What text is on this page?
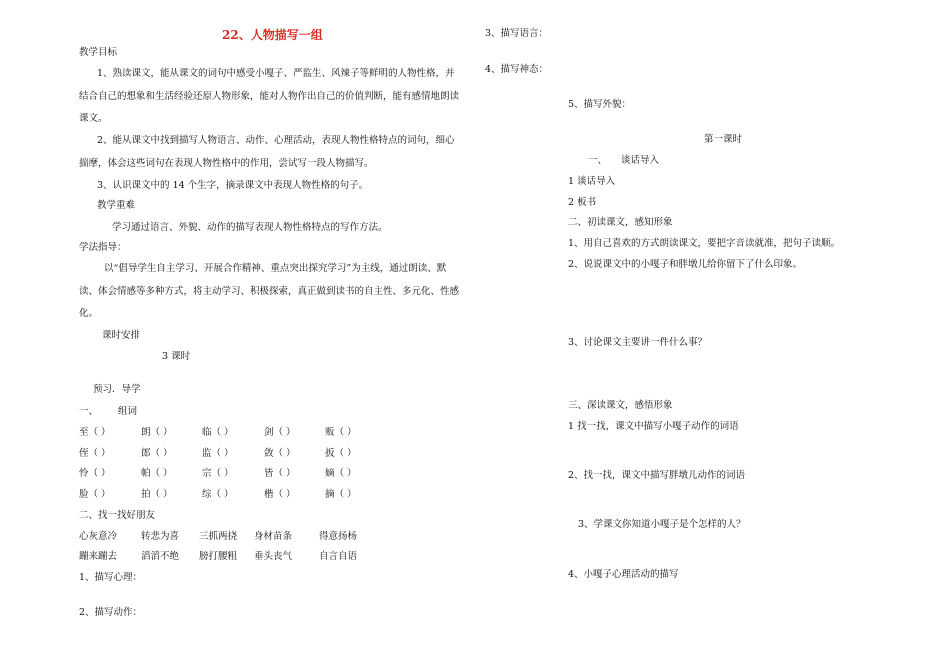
22、人物描写一组
教学目标
1、熟读课文，能从课文的词句中感受小嘎子、严监生、风辣子等鲜明的人物性格，并
结合自己的想象和生活经验还原人物形象，能对人物作出自己的价值判断，能有感情地朗读
课文。
2、能从课文中找到描写人物语言、动作、心理活动，表现人物性格特点的词句，细心
揣摩，体会这些词句在表现人物性格中的作用，尝试写一段人物描写。
3、认识课文中的 14 个生字，摘录课文中表现人物性格的句子。
教学重难
学习通过语言、外貌、动作的描写表现人物性格特点的写作方法。
学法指导：
以“倡导学生自主学习、开展合作精神、重点突出探究学习”为主线，通过朗读、默
读、体会情感等多种方式，将主动学习、积极探索，真正做到读书的自主性、多元化、性感
化。
课时安排
3 课时
预习．导学
一、 组词
至（ ）	朗（ ）	临（ ）	剑（ ）	贩（ ）
侄（ ）	郎（ ）	监（ ）	敛（ ）	扳（ ）
怜（ ）	帕（ ）	宗（ ）	皆（ ）	嫡（ ）
脸（ ）	拍（ ）	综（ ）	楷（ ）	摘（ ）
二、找一找好朋友
心灰意冷	转悲为喜 三抓两挠 身材苗条	得意扬杨
蹦来蹦去	滔滔不绝 膀打腰粗 垂头丧气	自言自语
1、描写心理：
2、描写动作：
3、描写语言：
4、描写神态：
5、描写外貌：
第一课时
一、 谈话导入
1 谈话导入
2 板书
二、初读课文，感知形象
1、用自己喜欢的方式朗读课文，要把字音读就准，把句子读顺。
2、说说课文中的小嘎子和胖墩儿给你留下了什么印象。
3、讨论课文主要讲一件什么事？
三、深读课文，感悟形象
1 找一找，课文中描写小嘎子动作的词语
2、找一找，课文中描写胖墩儿动作的词语
3、学课文你知道小嘎子是个怎样的人？
4、小嘎子心理活动的描写
